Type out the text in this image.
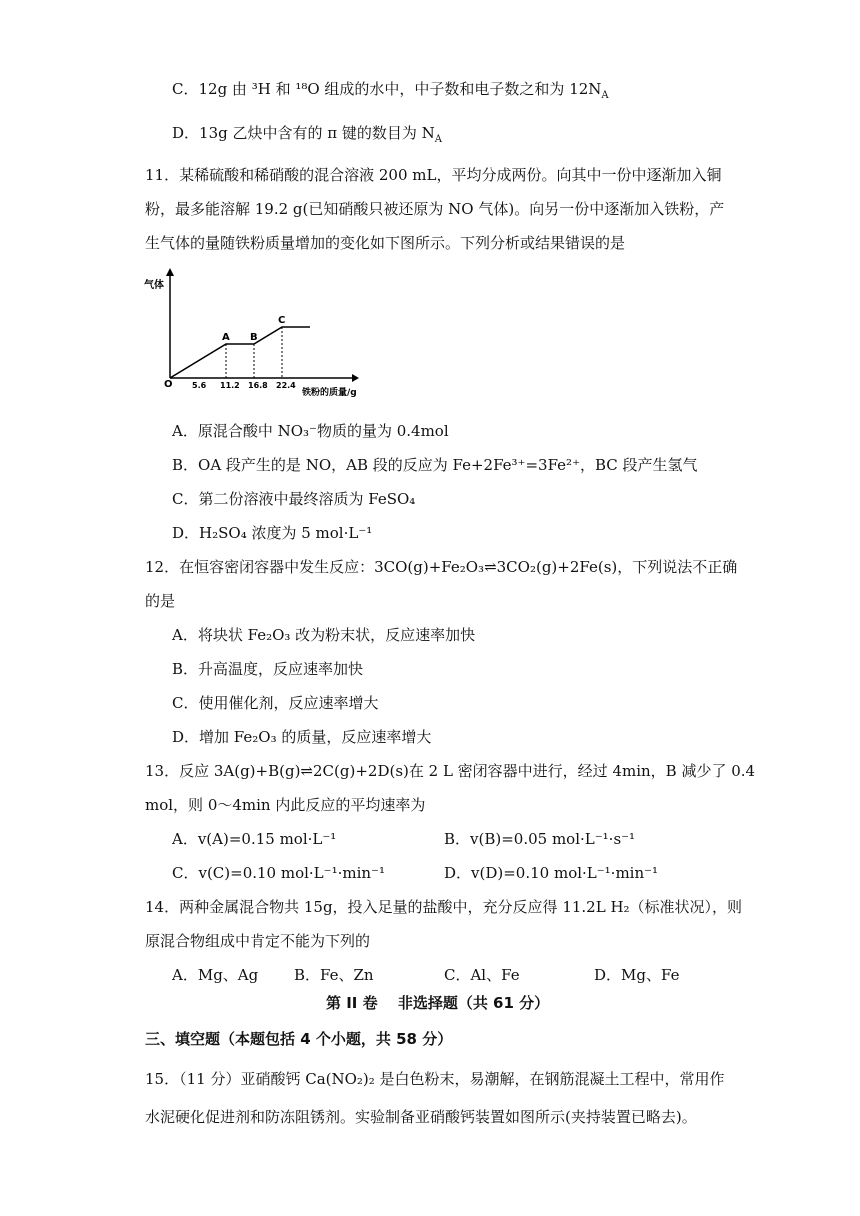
C．12g 由 ³H 和 ¹⁸O 组成的水中，中子数和电子数之和为 $12N_A$
D．13g 乙炔中含有的 π 键的数目为 $N_A$
11．某稀硫酸和稀硝酸的混合溶液 200 mL，平均分成两份。向其中一份中逐渐加入铜
粉，最多能溶解 19.2 g(已知硝酸只被还原为 NO 气体)。向另一份中逐渐加入铁粉，产
生气体的量随铁粉质量增加的变化如下图所示。下列分析或结果错误的是
气体
O
铁粉的质量/g
A B
C
5.6 11.2 16.8 22.4
A．原混合酸中 NO₃⁻物质的量为 0.4mol
B．OA 段产生的是 NO，AB 段的反应为 Fe+2Fe³⁺=3Fe²⁺，BC 段产生氢气
C．第二份溶液中最终溶质为 FeSO₄
D．H₂SO₄ 浓度为 5 mol·L⁻¹
12．在恒容密闭容器中发生反应：3CO(g)+Fe₂O₃⇌3CO₂(g)+2Fe(s)，下列说法不正确
的是
A．将块状 Fe₂O₃ 改为粉末状，反应速率加快
B．升高温度，反应速率加快
C．使用催化剂，反应速率增大
D．增加 Fe₂O₃ 的质量，反应速率增大
13．反应 3A(g)+B(g)⇌2C(g)+2D(s)在 2 L 密闭容器中进行，经过 4min，B 减少了 0.4
mol，则 0～4min 内此反应的平均速率为
A．v(A)=0.15 mol·L⁻¹	B．v(B)=0.05 mol·L⁻¹·s⁻¹
C．v(C)=0.10 mol·L⁻¹·min⁻¹	D．v(D)=0.10 mol·L⁻¹·min⁻¹
14．两种金属混合物共 15g，投入足量的盐酸中，充分反应得 11.2L H₂（标准状况），则
原混合物组成中肯定不能为下列的
A．Mg、Ag B．Fe、Zn	C．Al、Fe	D．Mg、Fe
第 II 卷　 非选择题（共 61 分）
三、填空题（本题包括 4 个小题，共 58 分）
15．（11 分）亚硝酸钙 Ca(NO₂)₂ 是白色粉末，易潮解，在钢筋混凝土工程中，常用作
水泥硬化促进剂和防冻阻锈剂。实验制备亚硝酸钙装置如图所示(夹持装置已略去)。
